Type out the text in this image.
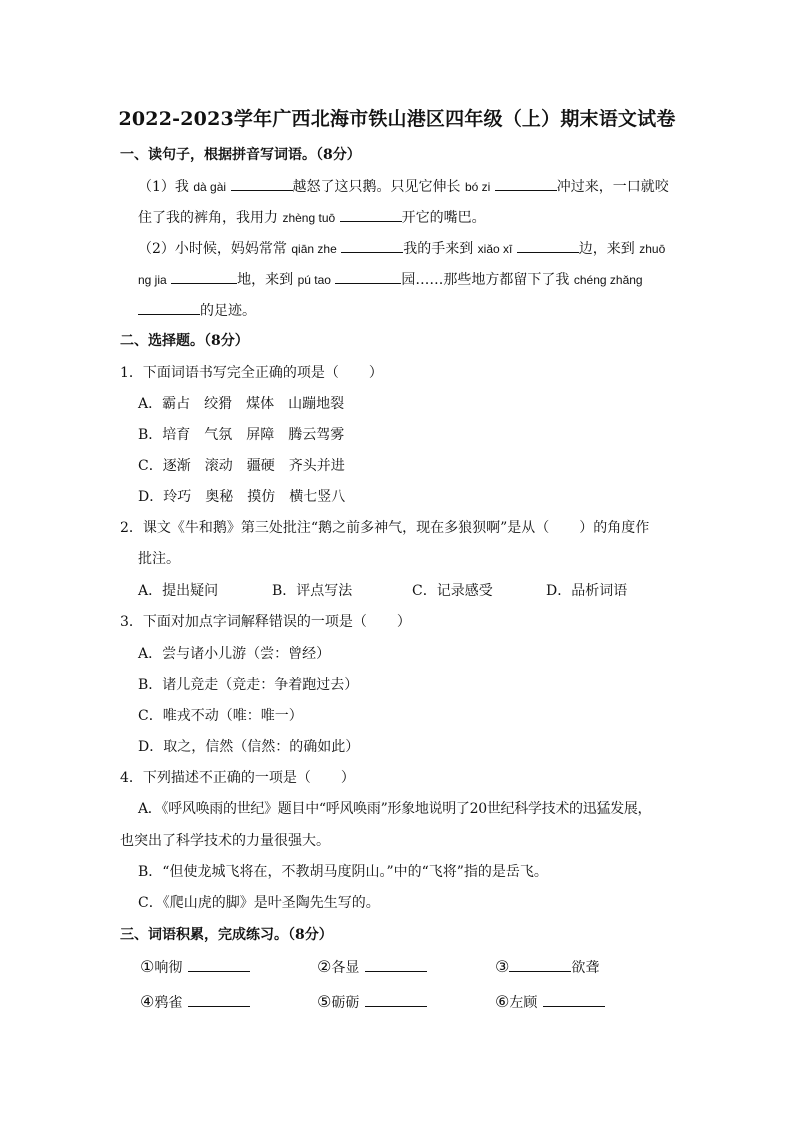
2022-2023学年广西北海市铁山港区四年级（上）期末语文试卷
一、读句子，根据拼音写词语。（8分）
（1）我 dà gài	越怒了这只鹅。只见它伸长 bó zi	冲过来，一口就咬
住了我的裤角，我用力 zhèng tuō	开它的嘴巴。
（2）小时候，妈妈常常 qiān zhe	我的手来到 xiǎo xī	边，来到 zhuō
ng jia	地，来到 pú tao	园……那些地方都留下了我 chéng zhǎng
的足迹。
二、选择题。（8分）
1．下面词语书写完全正确的项是（ ）
A．霸占　绞猾　煤体　山蹦地裂
B．培育　气氛　屏障　腾云驾雾
C．逐渐　滚动　疆硬　齐头并进
D．玲巧　奥秘　摸仿　横七竖八
2．课文《牛和鹅》第三处批注“鹅之前多神气，现在多狼狈啊”是从（ ）的角度作
批注。
A．提出疑问	B．评点写法	C．记录感受	D．品析词语
3．下面对加点字词解释错误的一项是（ ）
A．尝与诸小儿游（尝：曾经）
B．诸儿竞走（竞走：争着跑过去）
C．唯戎不动（唯：唯一）
D．取之，信然（信然：的确如此）
4．下列描述不正确的一项是（ ）
A．《呼风唤雨的世纪》题目中“呼风唤雨”形象地说明了20世纪科学技术的迅猛发展，
也突出了科学技术的力量很强大。
B．“但使龙城飞将在，不教胡马度阴山。”中的“飞将”指的是岳飞。
C．《爬山虎的脚》是叶圣陶先生写的。
三、词语积累，完成练习。（8分）
①响彻	②各显	③	欲聋
④鸦雀	⑤砺砺	⑥左顾
